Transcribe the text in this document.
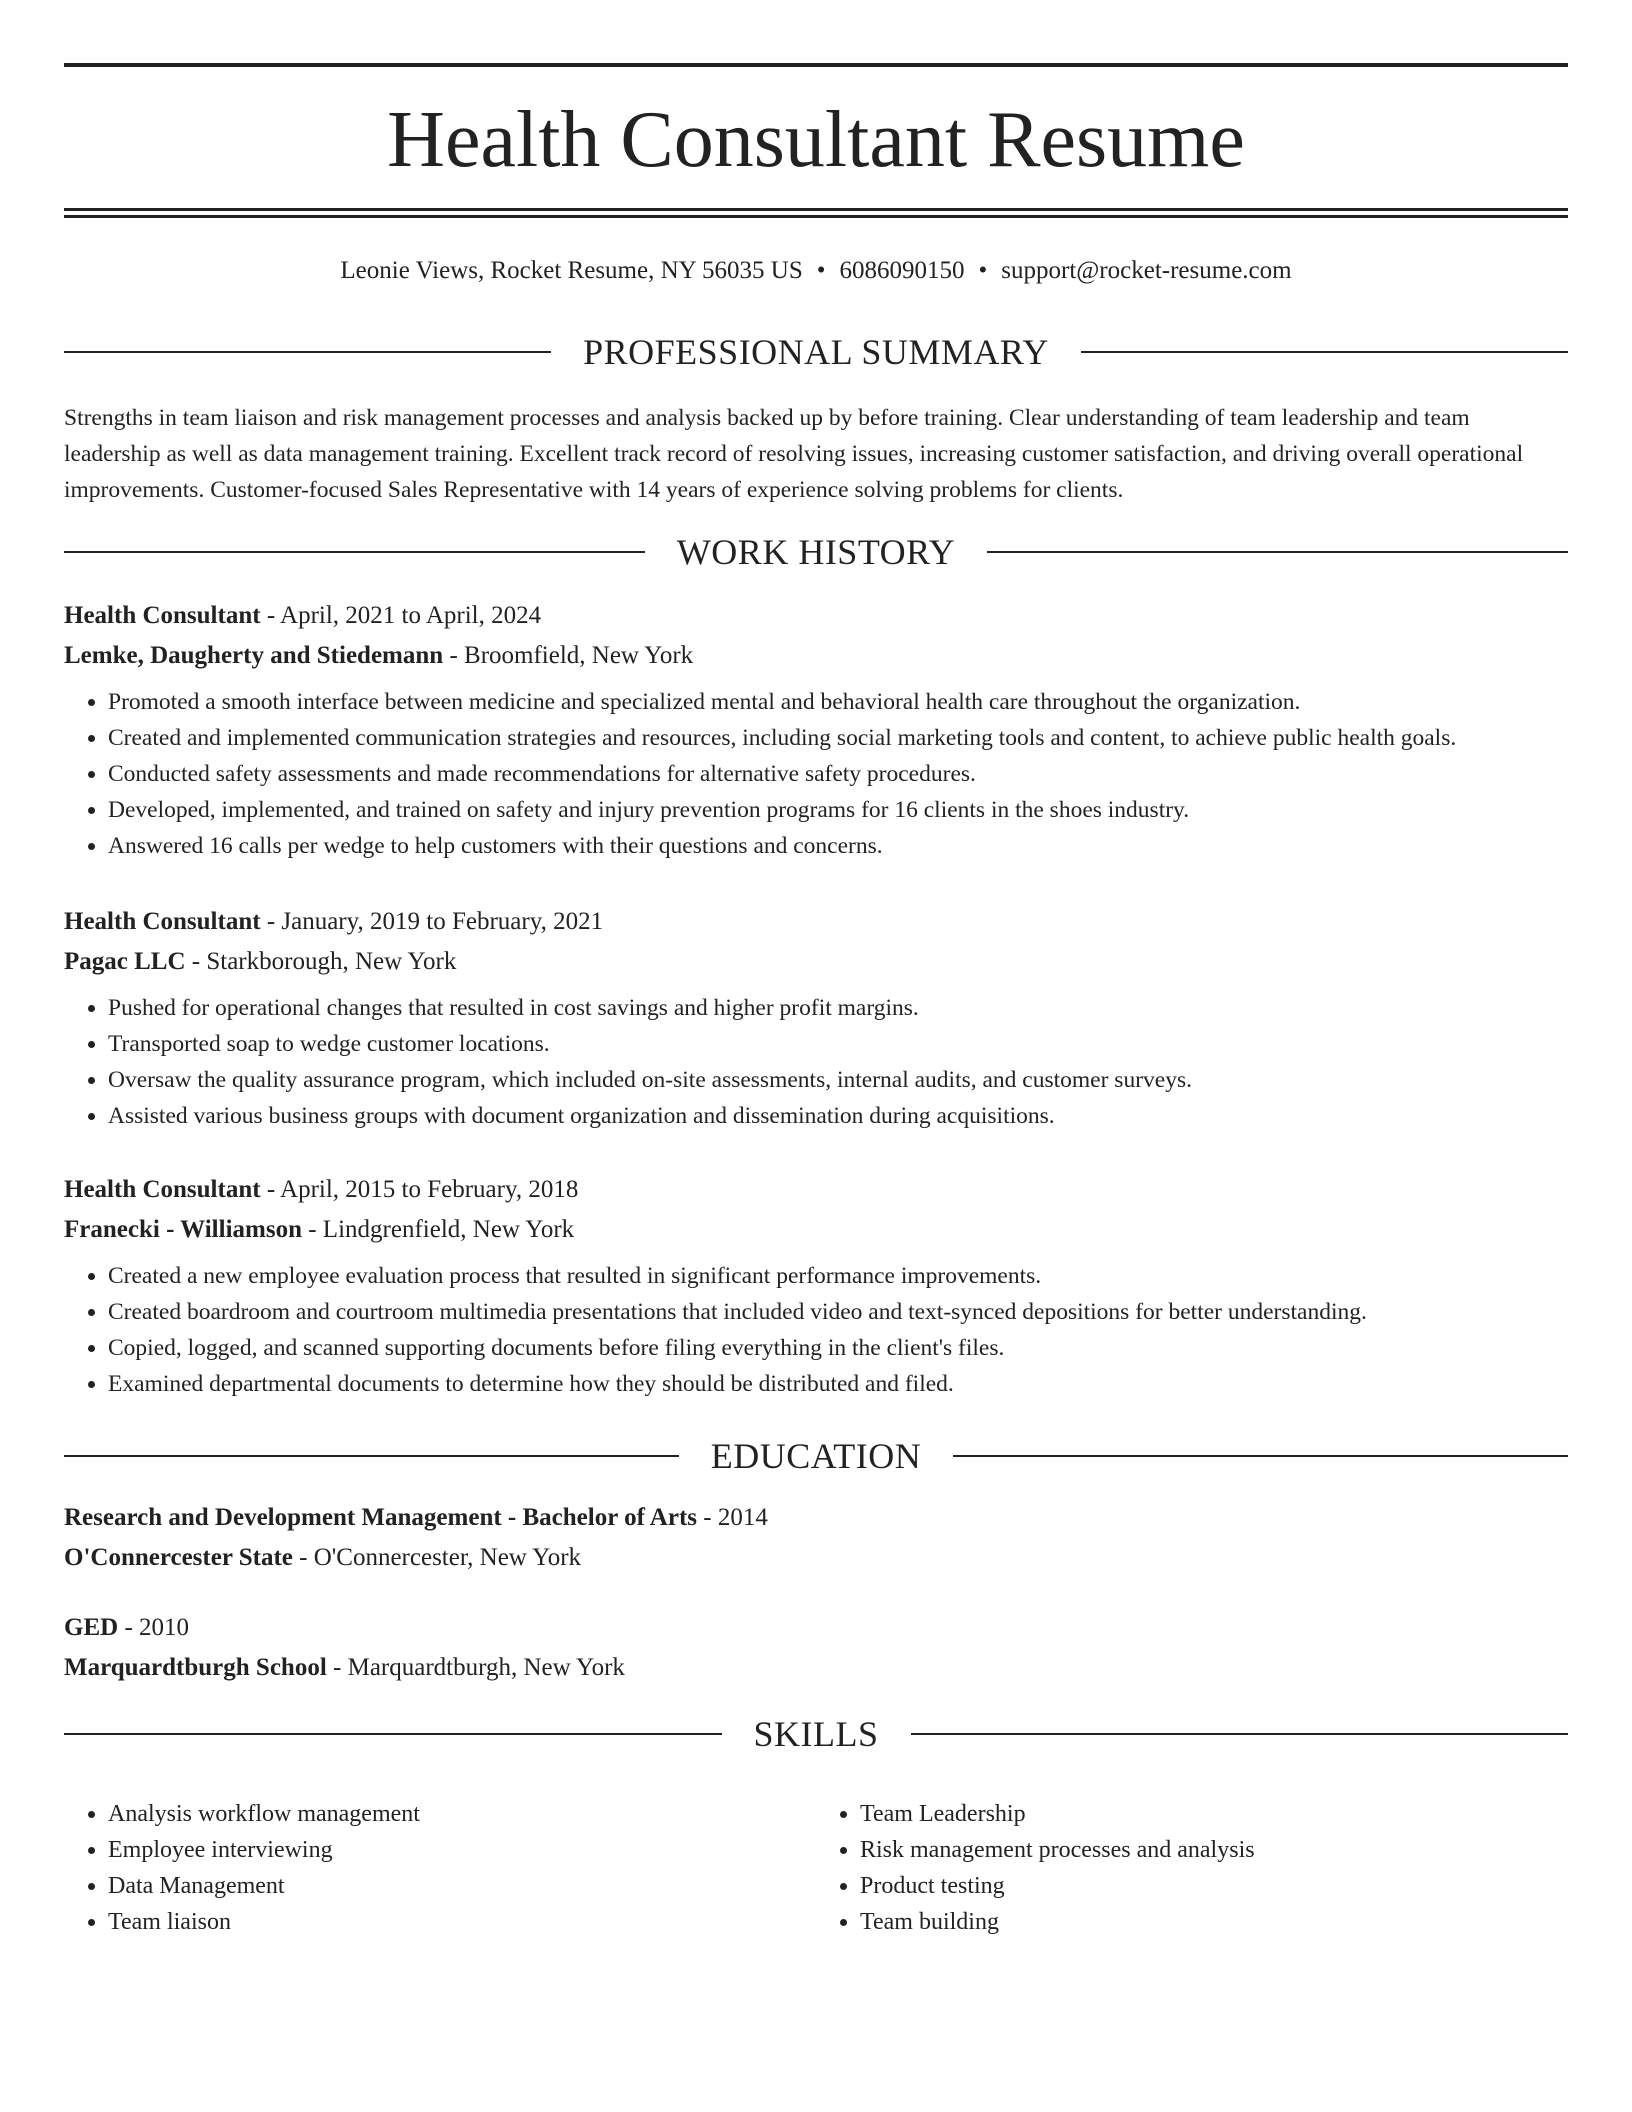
Health Consultant Resume
Leonie Views, Rocket Resume, NY 56035 US • 6086090150 • support@rocket-resume.com
PROFESSIONAL SUMMARY

Strengths in team liaison and risk management processes and analysis backed up by before training. Clear understanding of team leadership and team leadership as well as data management training. Excellent track record of resolving issues, increasing customer satisfaction, and driving overall operational improvements. Customer-focused Sales Representative with 14 years of experience solving problems for clients.

WORK HISTORY
Health Consultant - April, 2021 to April, 2024
Lemke, Daugherty and Stiedemann - Broomfield, New York
• Promoted a smooth interface between medicine and specialized mental and behavioral health care throughout the organization.
• Created and implemented communication strategies and resources, including social marketing tools and content, to achieve public health goals.
• Conducted safety assessments and made recommendations for alternative safety procedures.
• Developed, implemented, and trained on safety and injury prevention programs for 16 clients in the shoes industry.
• Answered 16 calls per wedge to help customers with their questions and concerns.
Health Consultant - January, 2019 to February, 2021
Pagac LLC - Starkborough, New York
• Pushed for operational changes that resulted in cost savings and higher profit margins.
• Transported soap to wedge customer locations.
• Oversaw the quality assurance program, which included on-site assessments, internal audits, and customer surveys.
• Assisted various business groups with document organization and dissemination during acquisitions.
Health Consultant - April, 2015 to February, 2018
Franecki - Williamson - Lindgrenfield, New York
• Created a new employee evaluation process that resulted in significant performance improvements.
• Created boardroom and courtroom multimedia presentations that included video and text-synced depositions for better understanding.
• Copied, logged, and scanned supporting documents before filing everything in the client's files.
• Examined departmental documents to determine how they should be distributed and filed.
EDUCATION
Research and Development Management - Bachelor of Arts - 2014
O'Connercester State - O'Connercester, New York
GED - 2010
Marquardtburgh School - Marquardtburgh, New York
SKILLS
• Analysis workflow management
• Employee interviewing
• Data Management
• Team liaison
• Team Leadership
• Risk management processes and analysis
• Product testing
• Team building
